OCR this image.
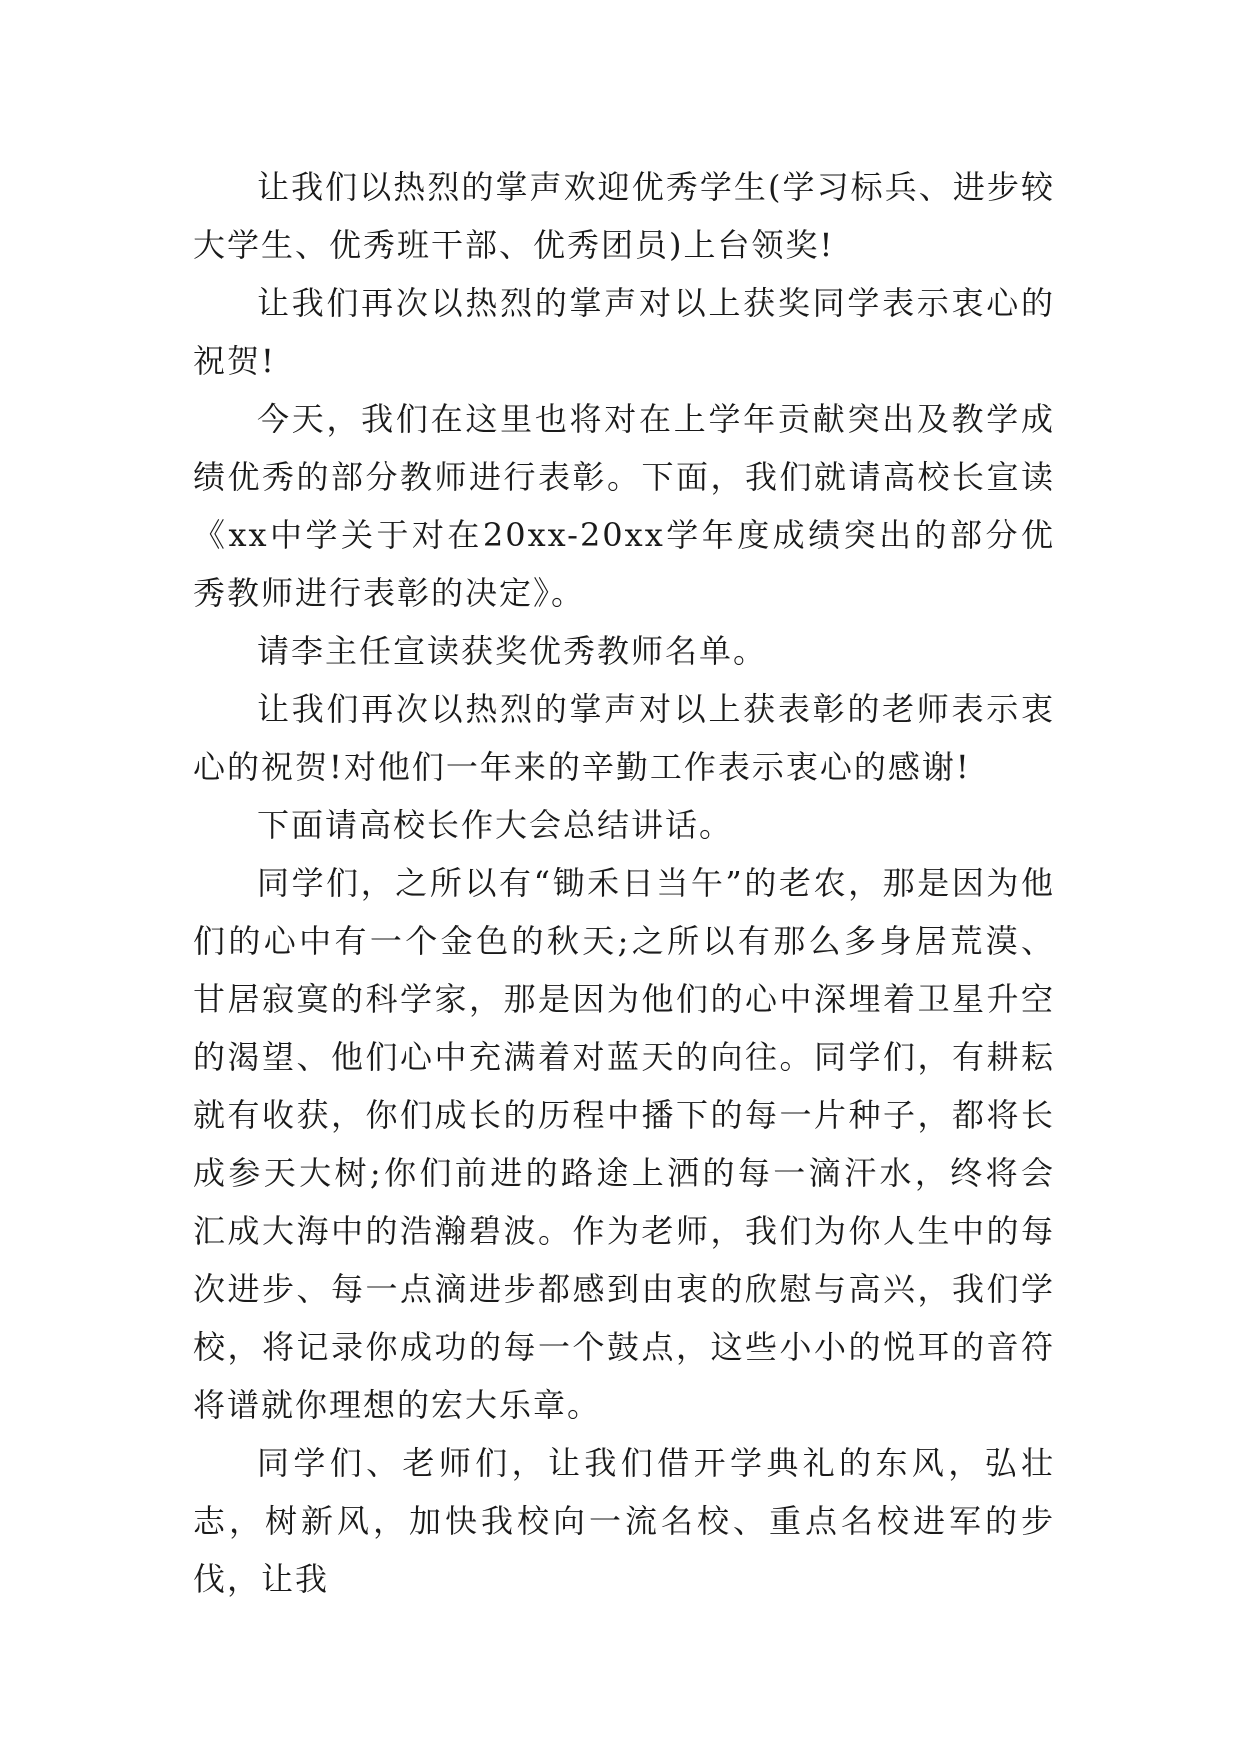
让我们以热烈的掌声欢迎优秀学生(学习标兵、进步较大学生、优秀班干部、优秀团员)上台领奖!

让我们再次以热烈的掌声对以上获奖同学表示衷心的祝贺!

今天，我们在这里也将对在上学年贡献突出及教学成绩优秀的部分教师进行表彰。下面，我们就请高校长宣读《xx中学关于对在20xx-20xx学年度成绩突出的部分优秀教师进行表彰的决定》。

请李主任宣读获奖优秀教师名单。

让我们再次以热烈的掌声对以上获表彰的老师表示衷心的祝贺!对他们一年来的辛勤工作表示衷心的感谢!

下面请高校长作大会总结讲话。

同学们，之所以有“锄禾日当午”的老农，那是因为他们的心中有一个金色的秋天;之所以有那么多身居荒漠、甘居寂寞的科学家，那是因为他们的心中深埋着卫星升空的渴望、他们心中充满着对蓝天的向往。同学们，有耕耘就有收获，你们成长的历程中播下的每一片种子，都将长成参天大树;你们前进的路途上洒的每一滴汗水，终将会汇成大海中的浩瀚碧波。作为老师，我们为你人生中的每次进步、每一点滴进步都感到由衷的欣慰与高兴，我们学校，将记录你成功的每一个鼓点，这些小小的悦耳的音符将谱就你理想的宏大乐章。

同学们、老师们，让我们借开学典礼的东风，弘壮志，树新风，加快我校向一流名校、重点名校进军的步伐，让我
